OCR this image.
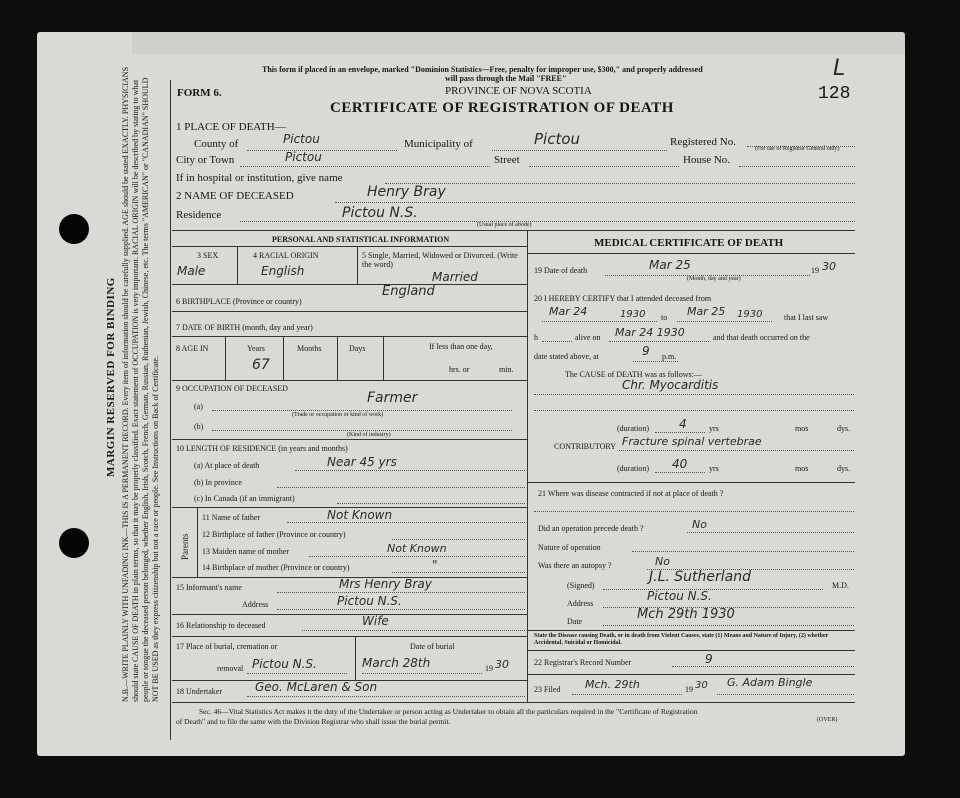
MARGIN RESERVED FOR BINDING N.B.—WRITE PLAINLY WITH UNFADING INK—THIS IS A PERMANENT RECORD. Every item of information should be carefully supplied. AGE should be stated EXACTLY. PHYSICIANS should state CAUSE OF DEATH in plain terms, so that it may be properly classified. Exact statement of OCCUPATION is very important. RACIAL ORIGIN will be described by stating to what people or tongue the deceased person belonged, whether English, Irish, Scotch, French, German, Russian, Ruthenian, Jewish, Chinese, etc. The terms "AMERICAN" or "CANADIAN" SHOULD NOT BE USED as they express citizenship but not a race or people. See Instructions on Back of Certificate.
This form if placed in an envelope, marked "Dominion Statistics—Free, penalty for improper use, $300," and properly addressed
will pass through the Mail "FREE"
PROVINCE OF NOVA SCOTIA
FORM 6.
CERTIFICATE OF REGISTRATION OF DEATH
L
128
1 PLACE OF DEATH—
County of	Pictou	Municipality of	Pictou	Registered No.
(For use of Registrar General only)
City or Town	Pictou	Street	House No.
If in hospital or institution, give name
2 NAME OF DECEASED	Henry Bray
Residence	Pictou N.S.
(Usual place of abode)
PERSONAL AND STATISTICAL INFORMATION	MEDICAL CERTIFICATE OF DEATH
3 SEX
Male
4 RACIAL ORIGIN
English
5 Single, Married, Widowed or Divorced. (Write the word)
Married
6 BIRTHPLACE (Province or country)
England
7 DATE OF BIRTH (month, day and year)
8 AGE IN	Years
67
Months	Days	If less than one day,
hrs. or	min.
9 OCCUPATION OF DECEASED
(a)
Farmer
(Trade or occupation or kind of work)
(b)
(Kind of industry)
10 LENGTH OF RESIDENCE (in years and months)
(a) At place of death	Near 45 yrs
(b) In province
(c) In Canada (if an immigrant)
Parents
11 Name of father	Not Known
12 Birthplace of father (Province or country)
13 Maiden name of mother	Not Known
14 Birthplace of mother (Province or country)	"
15 Informant's name	Mrs Henry Bray
Address	Pictou N.S.
16 Relationship to deceased	Wife
17 Place of burial, cremation or	Date of burial
removal Pictou N.S.	March 28th	19 30
18 Undertaker	Geo. McLaren & Son
19 Date of death	Mar 25	19 30
(Month, day and year)
20 I HEREBY CERTIFY that I attended deceased from
Mar 24	1930 to Mar 25 1930	that I last saw
h	alive on Mar 24 1930	and that death occurred on the
date stated above, at	9 p.m.
The CAUSE of DEATH was as follows:—
Chr. Myocarditis
(duration)	4	yrs	mos	dys.
CONTRIBUTORY Fracture spinal vertebrae
(duration) 40	yrs	mos	dys.
21 Where was disease contracted if not at place of death ?
Did an operation precede death ?	No
Nature of operation
Was there an autopsy ?	No
(Signed)
J.L. Sutherland
M.D.
Address
Pictou N.S.
Date	Mch 29th 1930
State the Disease causing Death, or in death from Violent Causes, state (1) Means and Nature of Injury, (2) whether Accidental, Suicidal or Homicidal.
22 Registrar's Record Number	9
23 Filed Mch. 29th	19 30 G. Adam Bingle
Sec. 46—Vital Statistics Act makes it the duty of the Undertaker or person acting as Undertaker to obtain all the particulars required in the "Certificate of Registration
of Death" and to file the same with the Division Registrar who shall issue the burial permit.	(OVER)
